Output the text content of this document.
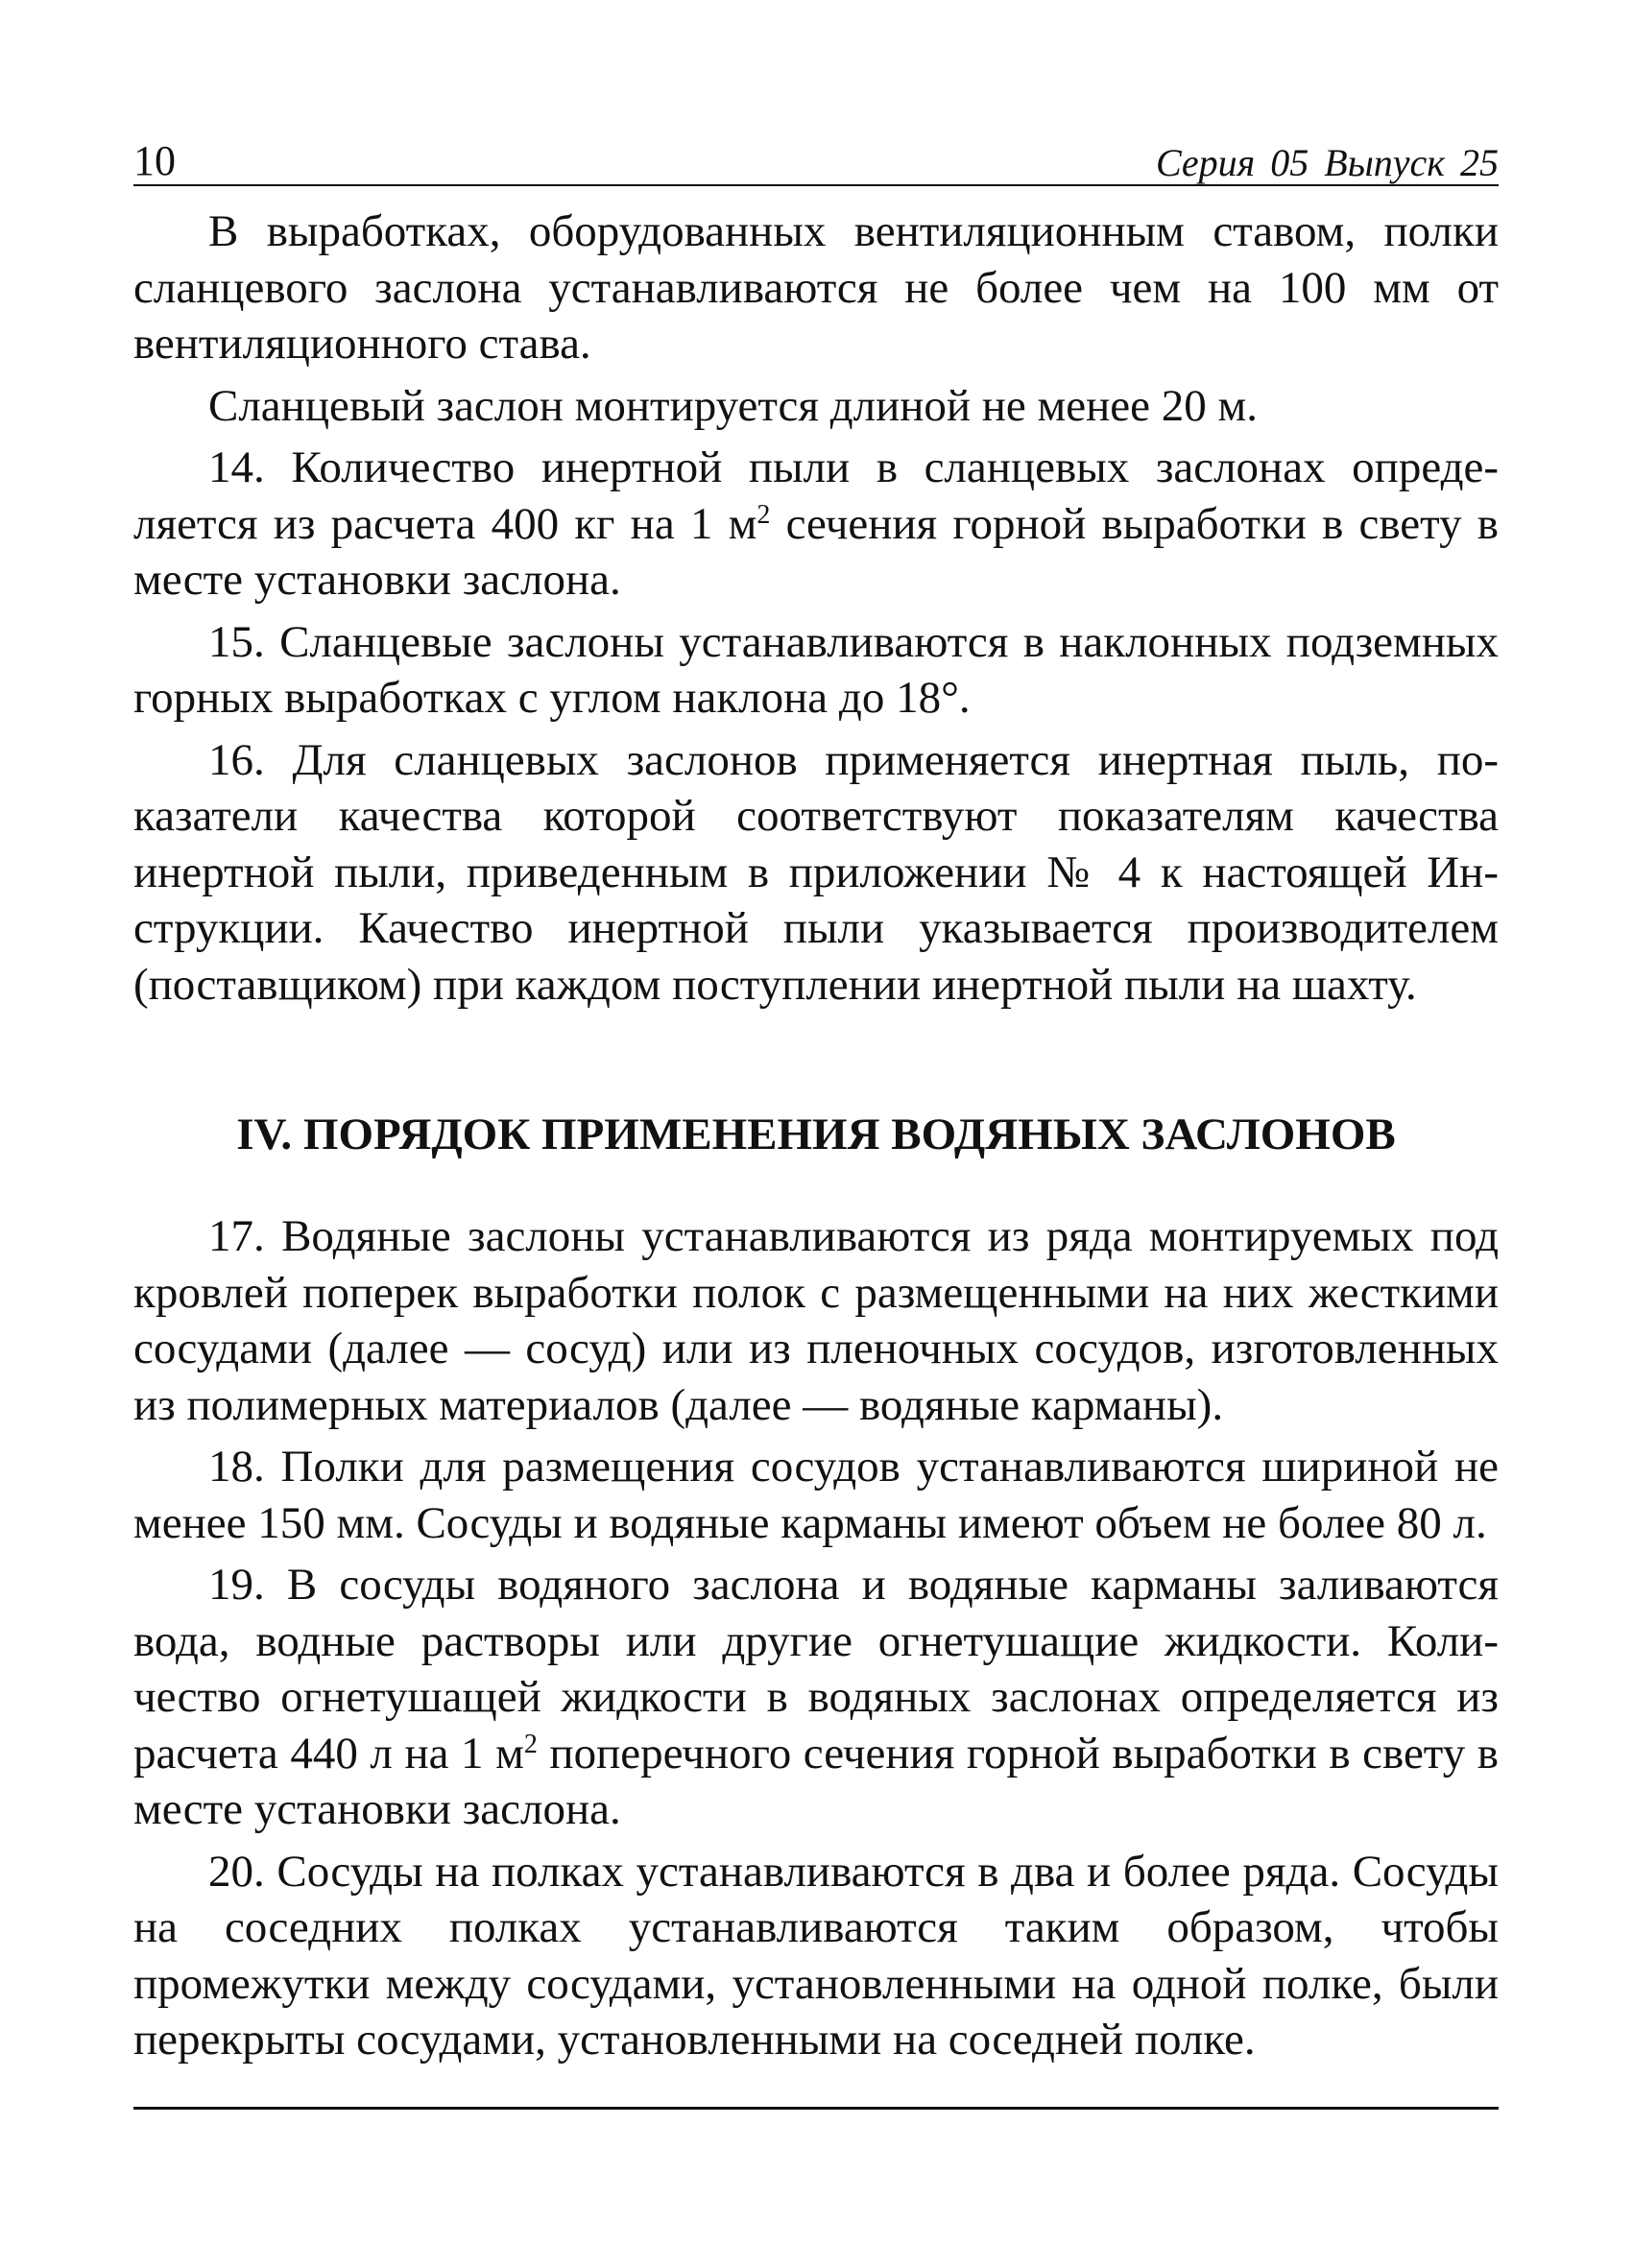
10	Серия 05 Выпуск 25

В выработках, оборудованных вентиляционным ставом, полки сланцевого заслона устанавливаются не более чем на 100 мм от вентиляционного става.

Сланцевый заслон монтируется длиной не менее 20 м.

14. Количество инертной пыли в сланцевых заслонах определяется из расчета 400 кг на 1 $м^2$ сечения горной выработки в свету в месте установки заслона.

15. Сланцевые заслоны устанавливаются в наклонных подземных горных выработках с углом наклона до 18°.

16. Для сланцевых заслонов применяется инертная пыль, показатели качества которой соответствуют показателям качества инертной пыли, приведенным в приложении № 4 к настоящей Инструкции. Качество инертной пыли указывается производителем (поставщиком) при каждом поступлении инертной пыли на шахту.

IV. ПОРЯДОК ПРИМЕНЕНИЯ ВОДЯНЫХ ЗАСЛОНОВ

17. Водяные заслоны устанавливаются из ряда монтируемых под кровлей поперек выработки полок с размещенными на них жесткими сосудами (далее — сосуд) или из пленочных сосудов, изготовленных из полимерных материалов (далее — водяные карманы).

18. Полки для размещения сосудов устанавливаются шириной не менее 150 мм. Сосуды и водяные карманы имеют объем не более 80 л.

19. В сосуды водяного заслона и водяные карманы заливаются вода, водные растворы или другие огнетушащие жидкости. Количество огнетушащей жидкости в водяных заслонах определяется из расчета 440 л на 1 $м^2$ поперечного сечения горной выработки в свету в месте установки заслона.

20. Сосуды на полках устанавливаются в два и более ряда. Сосуды на соседних полках устанавливаются таким образом, чтобы промежутки между сосудами, установленными на одной полке, были перекрыты сосудами, установленными на соседней полке.
